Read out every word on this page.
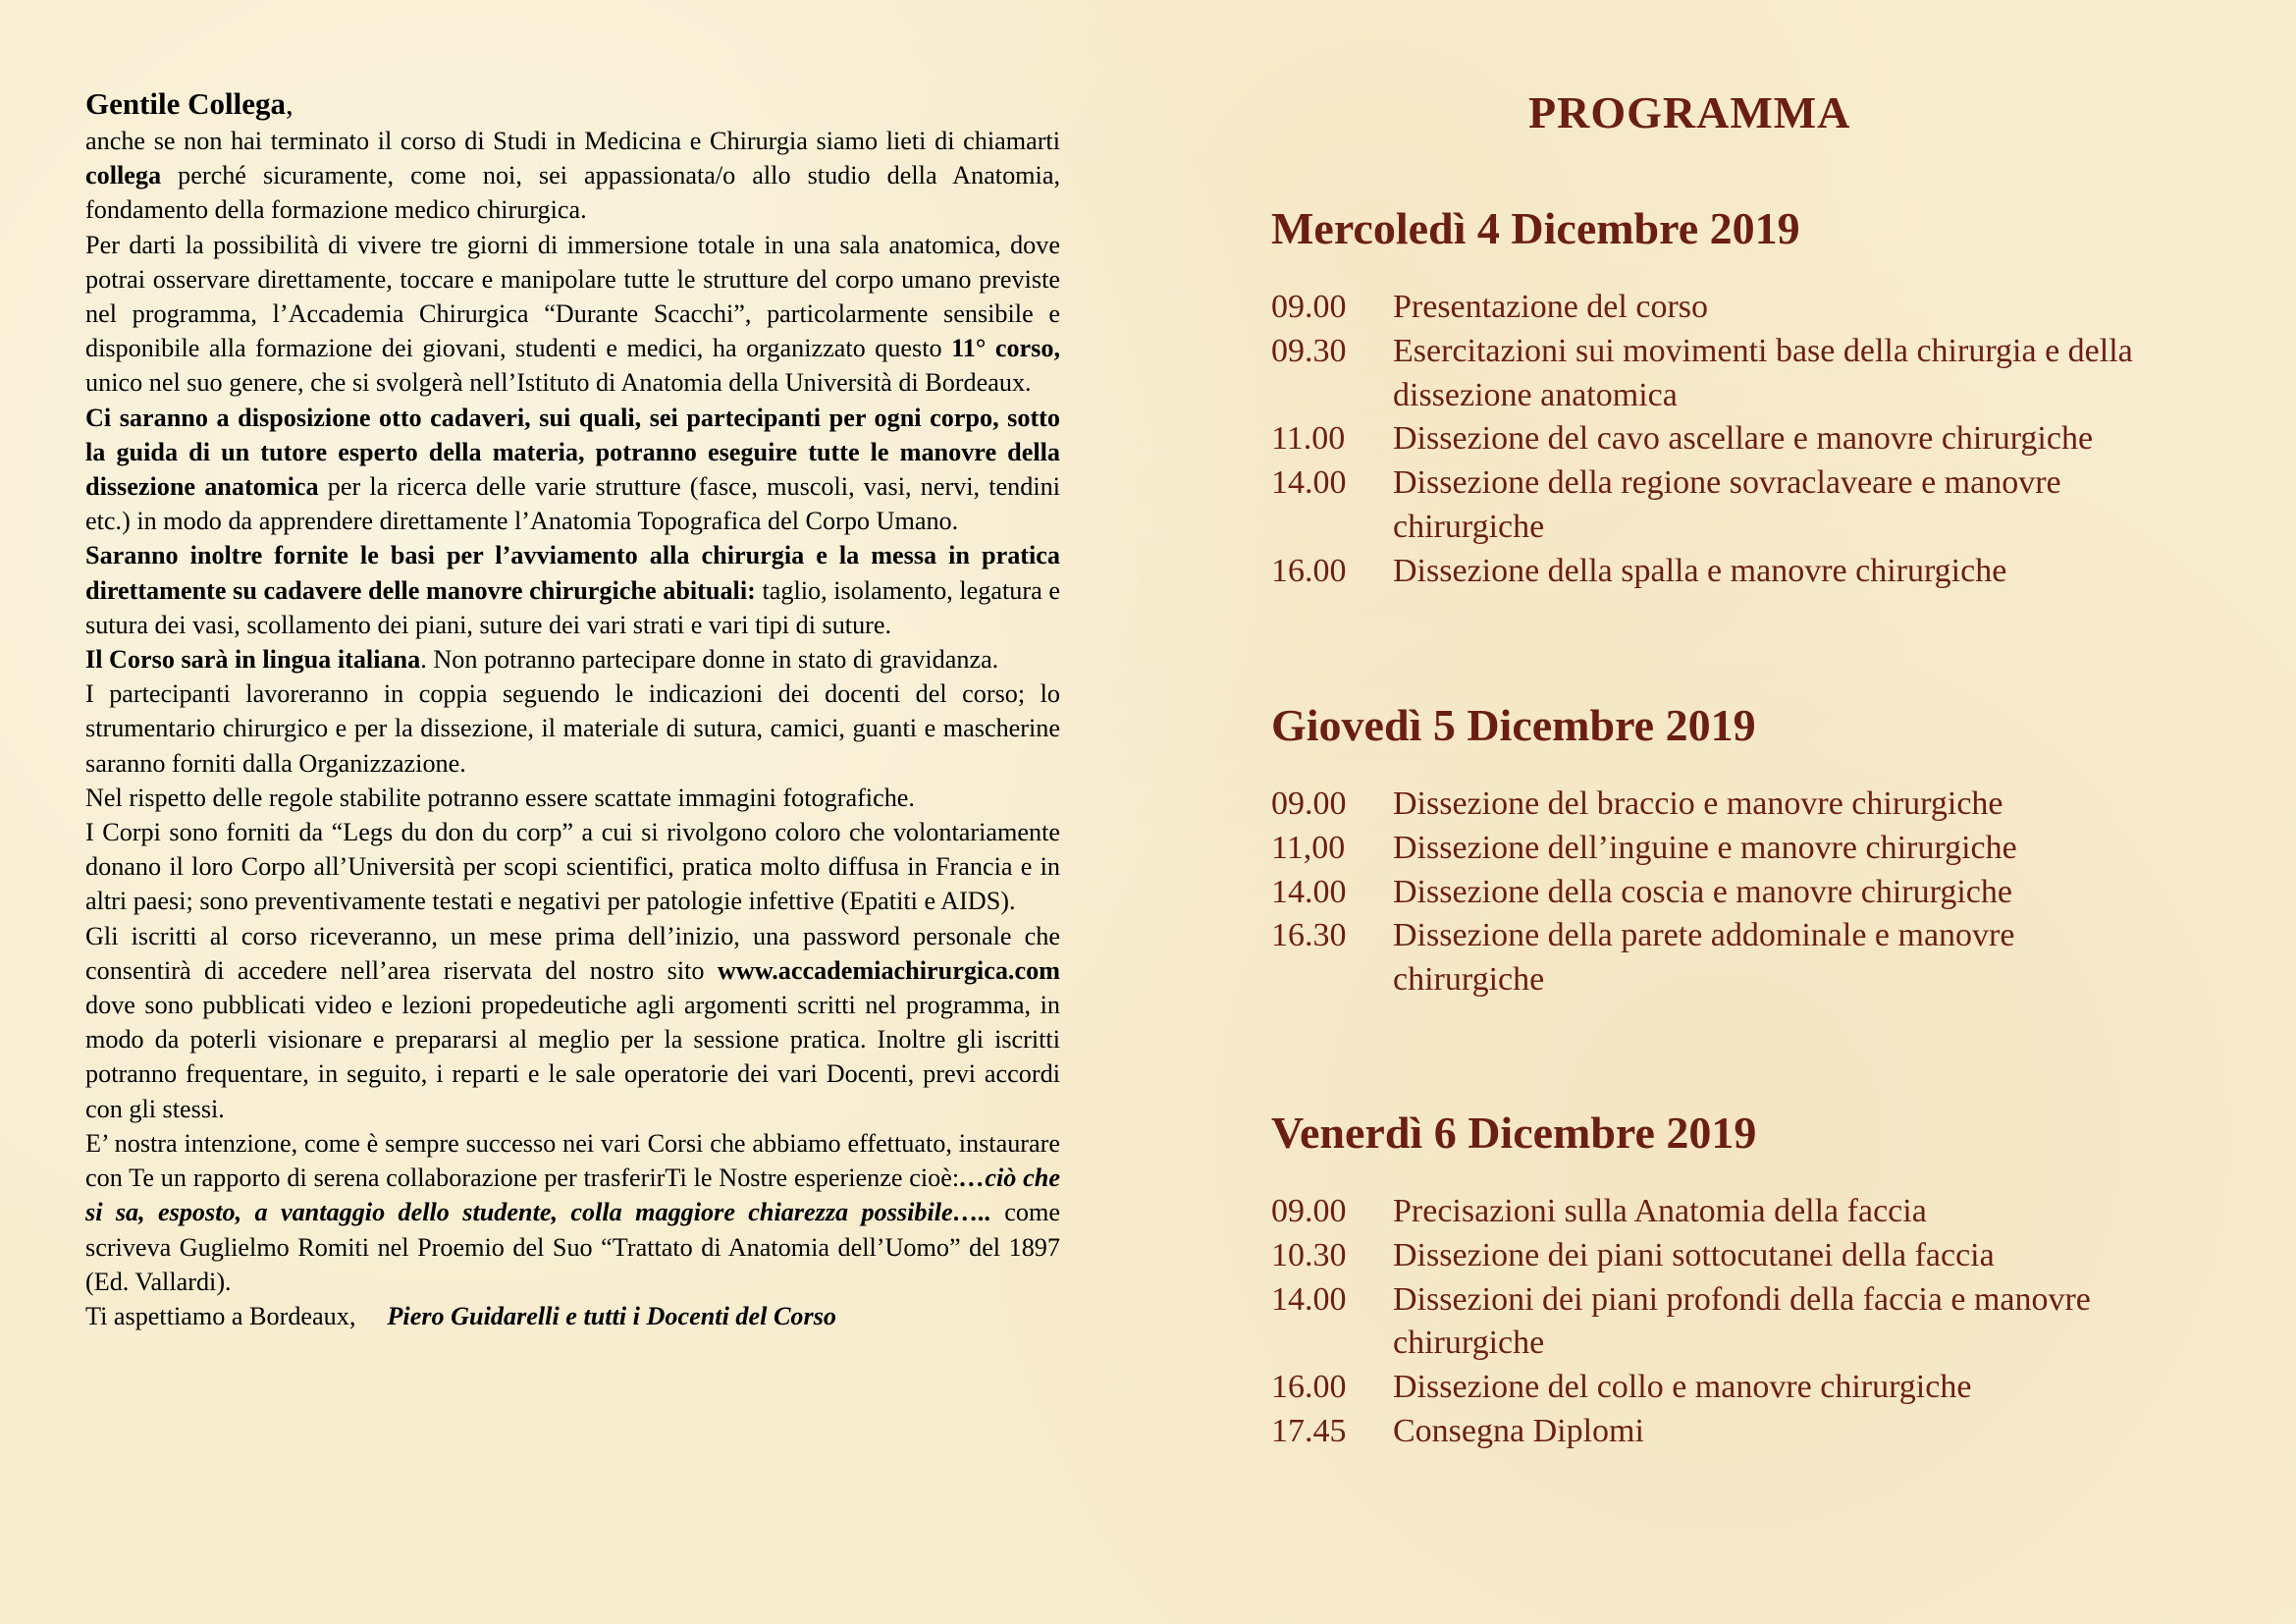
Gentile Collega,

anche se non hai terminato il corso di Studi in Medicina e Chirurgia siamo lieti di chiamarti collega perché sicuramente, come noi, sei appassionata/o allo studio della Anatomia, fondamento della formazione medico chirurgica.

Per darti la possibilità di vivere tre giorni di immersione totale in una sala anatomica, dove potrai osservare direttamente, toccare e manipolare tutte le strutture del corpo umano previste nel programma, l’Accademia Chirurgica “Durante Scacchi”, particolarmente sensibile e disponibile alla formazione dei giovani, studenti e medici, ha organizzato questo 11° corso, unico nel suo genere, che si svolgerà nell’Istituto di Anatomia della Università di Bordeaux.

Ci saranno a disposizione otto cadaveri, sui quali, sei partecipanti per ogni corpo, sotto la guida di un tutore esperto della materia, potranno eseguire tutte le manovre della dissezione anatomica per la ricerca delle varie strutture (fasce, muscoli, vasi, nervi, tendini etc.) in modo da apprendere direttamente l’Anatomia Topografica del Corpo Umano.

Saranno inoltre fornite le basi per l’avviamento alla chirurgia e la messa in pratica direttamente su cadavere delle manovre chirurgiche abituali: taglio, isolamento, legatura e sutura dei vasi, scollamento dei piani, suture dei vari strati e vari tipi di suture.

Il Corso sarà in lingua italiana. Non potranno partecipare donne in stato di gravidanza.

I partecipanti lavoreranno in coppia seguendo le indicazioni dei docenti del corso; lo strumentario chirurgico e per la dissezione, il materiale di sutura, camici, guanti e mascherine saranno forniti dalla Organizzazione.

Nel rispetto delle regole stabilite potranno essere scattate immagini fotografiche.

I Corpi sono forniti da “Legs du don du corp” a cui si rivolgono coloro che volontariamente donano il loro Corpo all’Università per scopi scientifici, pratica molto diffusa in Francia e in altri paesi; sono preventivamente testati e negativi per patologie infettive (Epatiti e AIDS).

Gli iscritti al corso riceveranno, un mese prima dell’inizio, una password personale che consentirà di accedere nell’area riservata del nostro sito www.accademiachirurgica.com dove sono pubblicati video e lezioni propedeutiche agli argomenti scritti nel programma, in modo da poterli visionare e prepararsi al meglio per la sessione pratica. Inoltre gli iscritti potranno frequentare, in seguito, i reparti e le sale operatorie dei vari Docenti, previ accordi con gli stessi.

E’ nostra intenzione, come è sempre successo nei vari Corsi che abbiamo effettuato, instaurare con Te un rapporto di serena collaborazione per trasferirTi le Nostre esperienze cioè:…ciò che si sa, esposto, a vantaggio dello studente, colla maggiore chiarezza possibile….. come scriveva Guglielmo Romiti nel Proemio del Suo “Trattato di Anatomia dell’Uomo” del 1897 (Ed. Vallardi).

Ti aspettiamo a Bordeaux, Piero Guidarelli e tutti i Docenti del Corso

PROGRAMMA
Mercoledì 4 Dicembre 2019
09.00	Presentazione del corso
09.30	Esercitazioni sui movimenti base della chirurgia e della dissezione anatomica
11.00	Dissezione del cavo ascellare e manovre chirurgiche
14.00	Dissezione della regione sovraclaveare e manovre chirurgiche
16.00	Dissezione della spalla e manovre chirurgiche
Giovedì 5 Dicembre 2019
09.00	Dissezione del braccio e manovre chirurgiche
11,00	Dissezione dell’inguine e manovre chirurgiche
14.00	Dissezione della coscia e manovre chirurgiche
16.30	Dissezione della parete addominale e manovre chirurgiche
Venerdì 6 Dicembre 2019
09.00	Precisazioni sulla Anatomia della faccia
10.30	Dissezione dei piani sottocutanei della faccia
14.00	Dissezioni dei piani profondi della faccia e manovre chirurgiche
16.00	Dissezione del collo e manovre chirurgiche
17.45	Consegna Diplomi
